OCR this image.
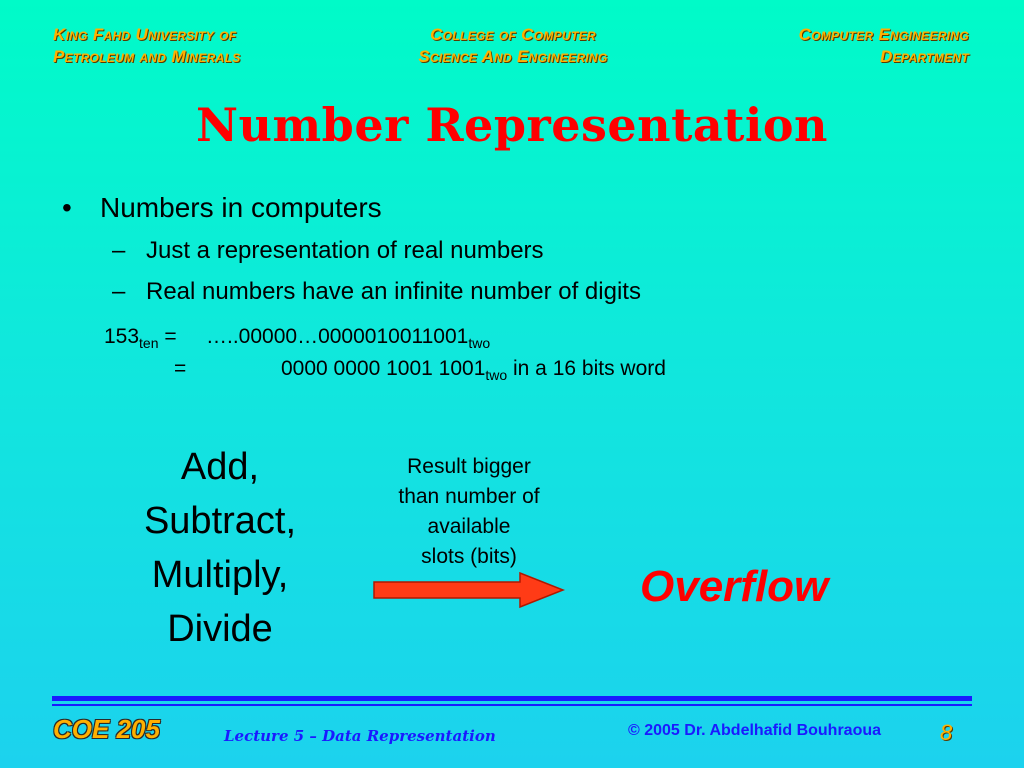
King Fahd University of
Petroleum and Minerals
College of Computer
Science And Engineering
Computer Engineering
Department
Number Representation
• Numbers in computers
– Just a representation of real numbers
– Real numbers have an infinite number of digits
$153_{ten}$ = $\dots..00000\dots 0000010011001_{two}$
=	0000 0000 1001 $1001_{two}$ in a 16 bits word
Add,
Subtract,
Multiply,
Divide
Result bigger
than number of
available
slots (bits)
Overflow
COE 205	Lecture 5 – Data Representation	© 2005 Dr. Abdelhafid Bouhraoua	8
